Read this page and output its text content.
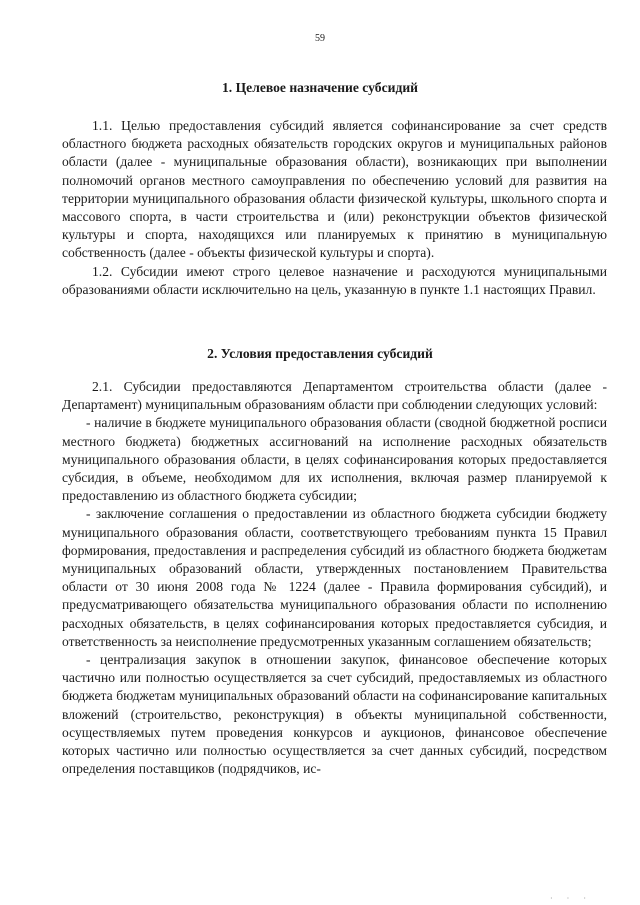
59
1. Целевое назначение субсидий

1.1. Целью предоставления субсидий является софинансирование за счет средств областного бюджета расходных обязательств городских округов и муниципальных районов области (далее - муниципальные образования области), возникающих при выполнении полномочий органов местного самоуправления по обеспечению условий для развития на территории муниципального образования области физической культуры, школьного спорта и массового спорта, в части строительства и (или) реконструкции объектов физической культуры и спорта, находящихся или планируемых к принятию в муниципальную собственность (далее - объекты физической культуры и спорта).

1.2. Субсидии имеют строго целевое назначение и расходуются муниципальными образованиями области исключительно на цель, указанную в пункте 1.1 настоящих Правил.

2. Условия предоставления субсидий

2.1. Субсидии предоставляются Департаментом строительства области (далее - Департамент) муниципальным образованиям области при соблюдении следующих условий:

- наличие в бюджете муниципального образования области (сводной бюджетной росписи местного бюджета) бюджетных ассигнований на исполнение расходных обязательств муниципального образования области, в целях софинансирования которых предоставляется субсидия, в объеме, необходимом для их исполнения, включая размер планируемой к предоставлению из областного бюджета субсидии;

- заключение соглашения о предоставлении из областного бюджета субсидии бюджету муниципального образования области, соответствующего требованиям пункта 15 Правил формирования, предоставления и распределения субсидий из областного бюджета бюджетам муниципальных образований области, утвержденных постановлением Правительства области от 30 июня 2008 года № 1224 (далее - Правила формирования субсидий), и предусматривающего обязательства муниципального образования области по исполнению расходных обязательств, в целях софинансирования которых предоставляется субсидия, и ответственность за неисполнение предусмотренных указанным соглашением обязательств;

- централизация закупок в отношении закупок, финансовое обеспечение которых частично или полностью осуществляется за счет субсидий, предоставляемых из областного бюджета бюджетам муниципальных образований области на софинансирование капитальных вложений (строительство, реконструкция) в объекты муниципальной собственности, осуществляемых путем проведения конкурсов и аукционов, финансовое обеспечение которых частично или полностью осуществляется за счет данных субсидий, посредством определения поставщиков (подрядчиков, ис-

· · ·
